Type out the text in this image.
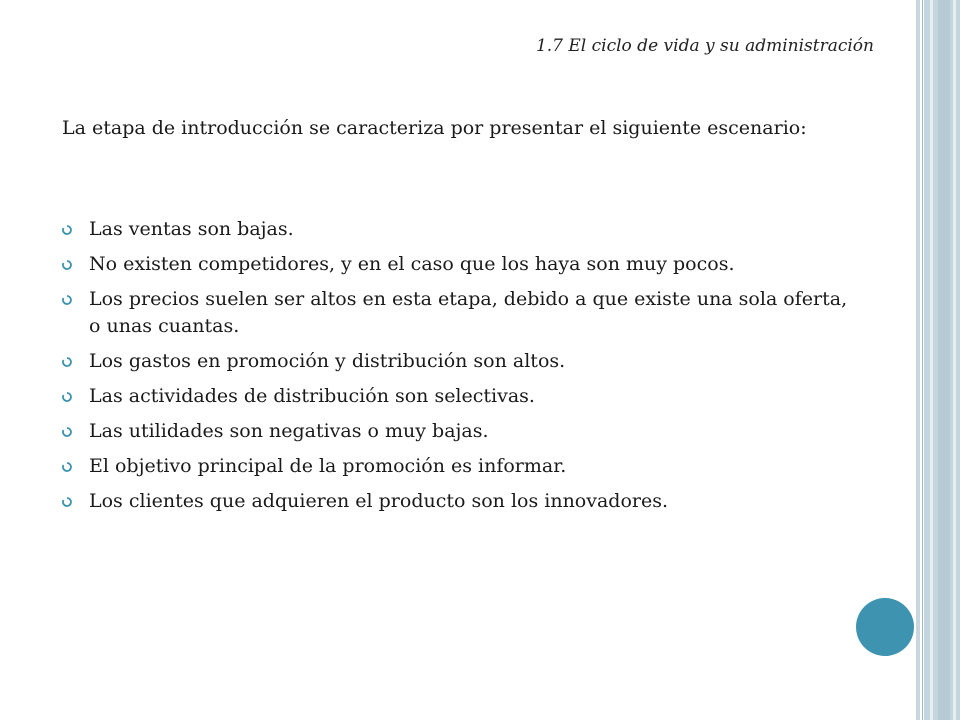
1.7 El ciclo de vida y su administración
La etapa de introducción se caracteriza por presentar el siguiente escenario:
Las ventas son bajas.
No existen competidores, y en el caso que los haya son muy pocos.
Los precios suelen ser altos en esta etapa, debido a que existe una sola oferta, o unas cuantas.
Los gastos en promoción y distribución son altos.
Las actividades de distribución son selectivas.
Las utilidades son negativas o muy bajas.
El objetivo principal de la promoción es informar.
Los clientes que adquieren el producto son los innovadores.
